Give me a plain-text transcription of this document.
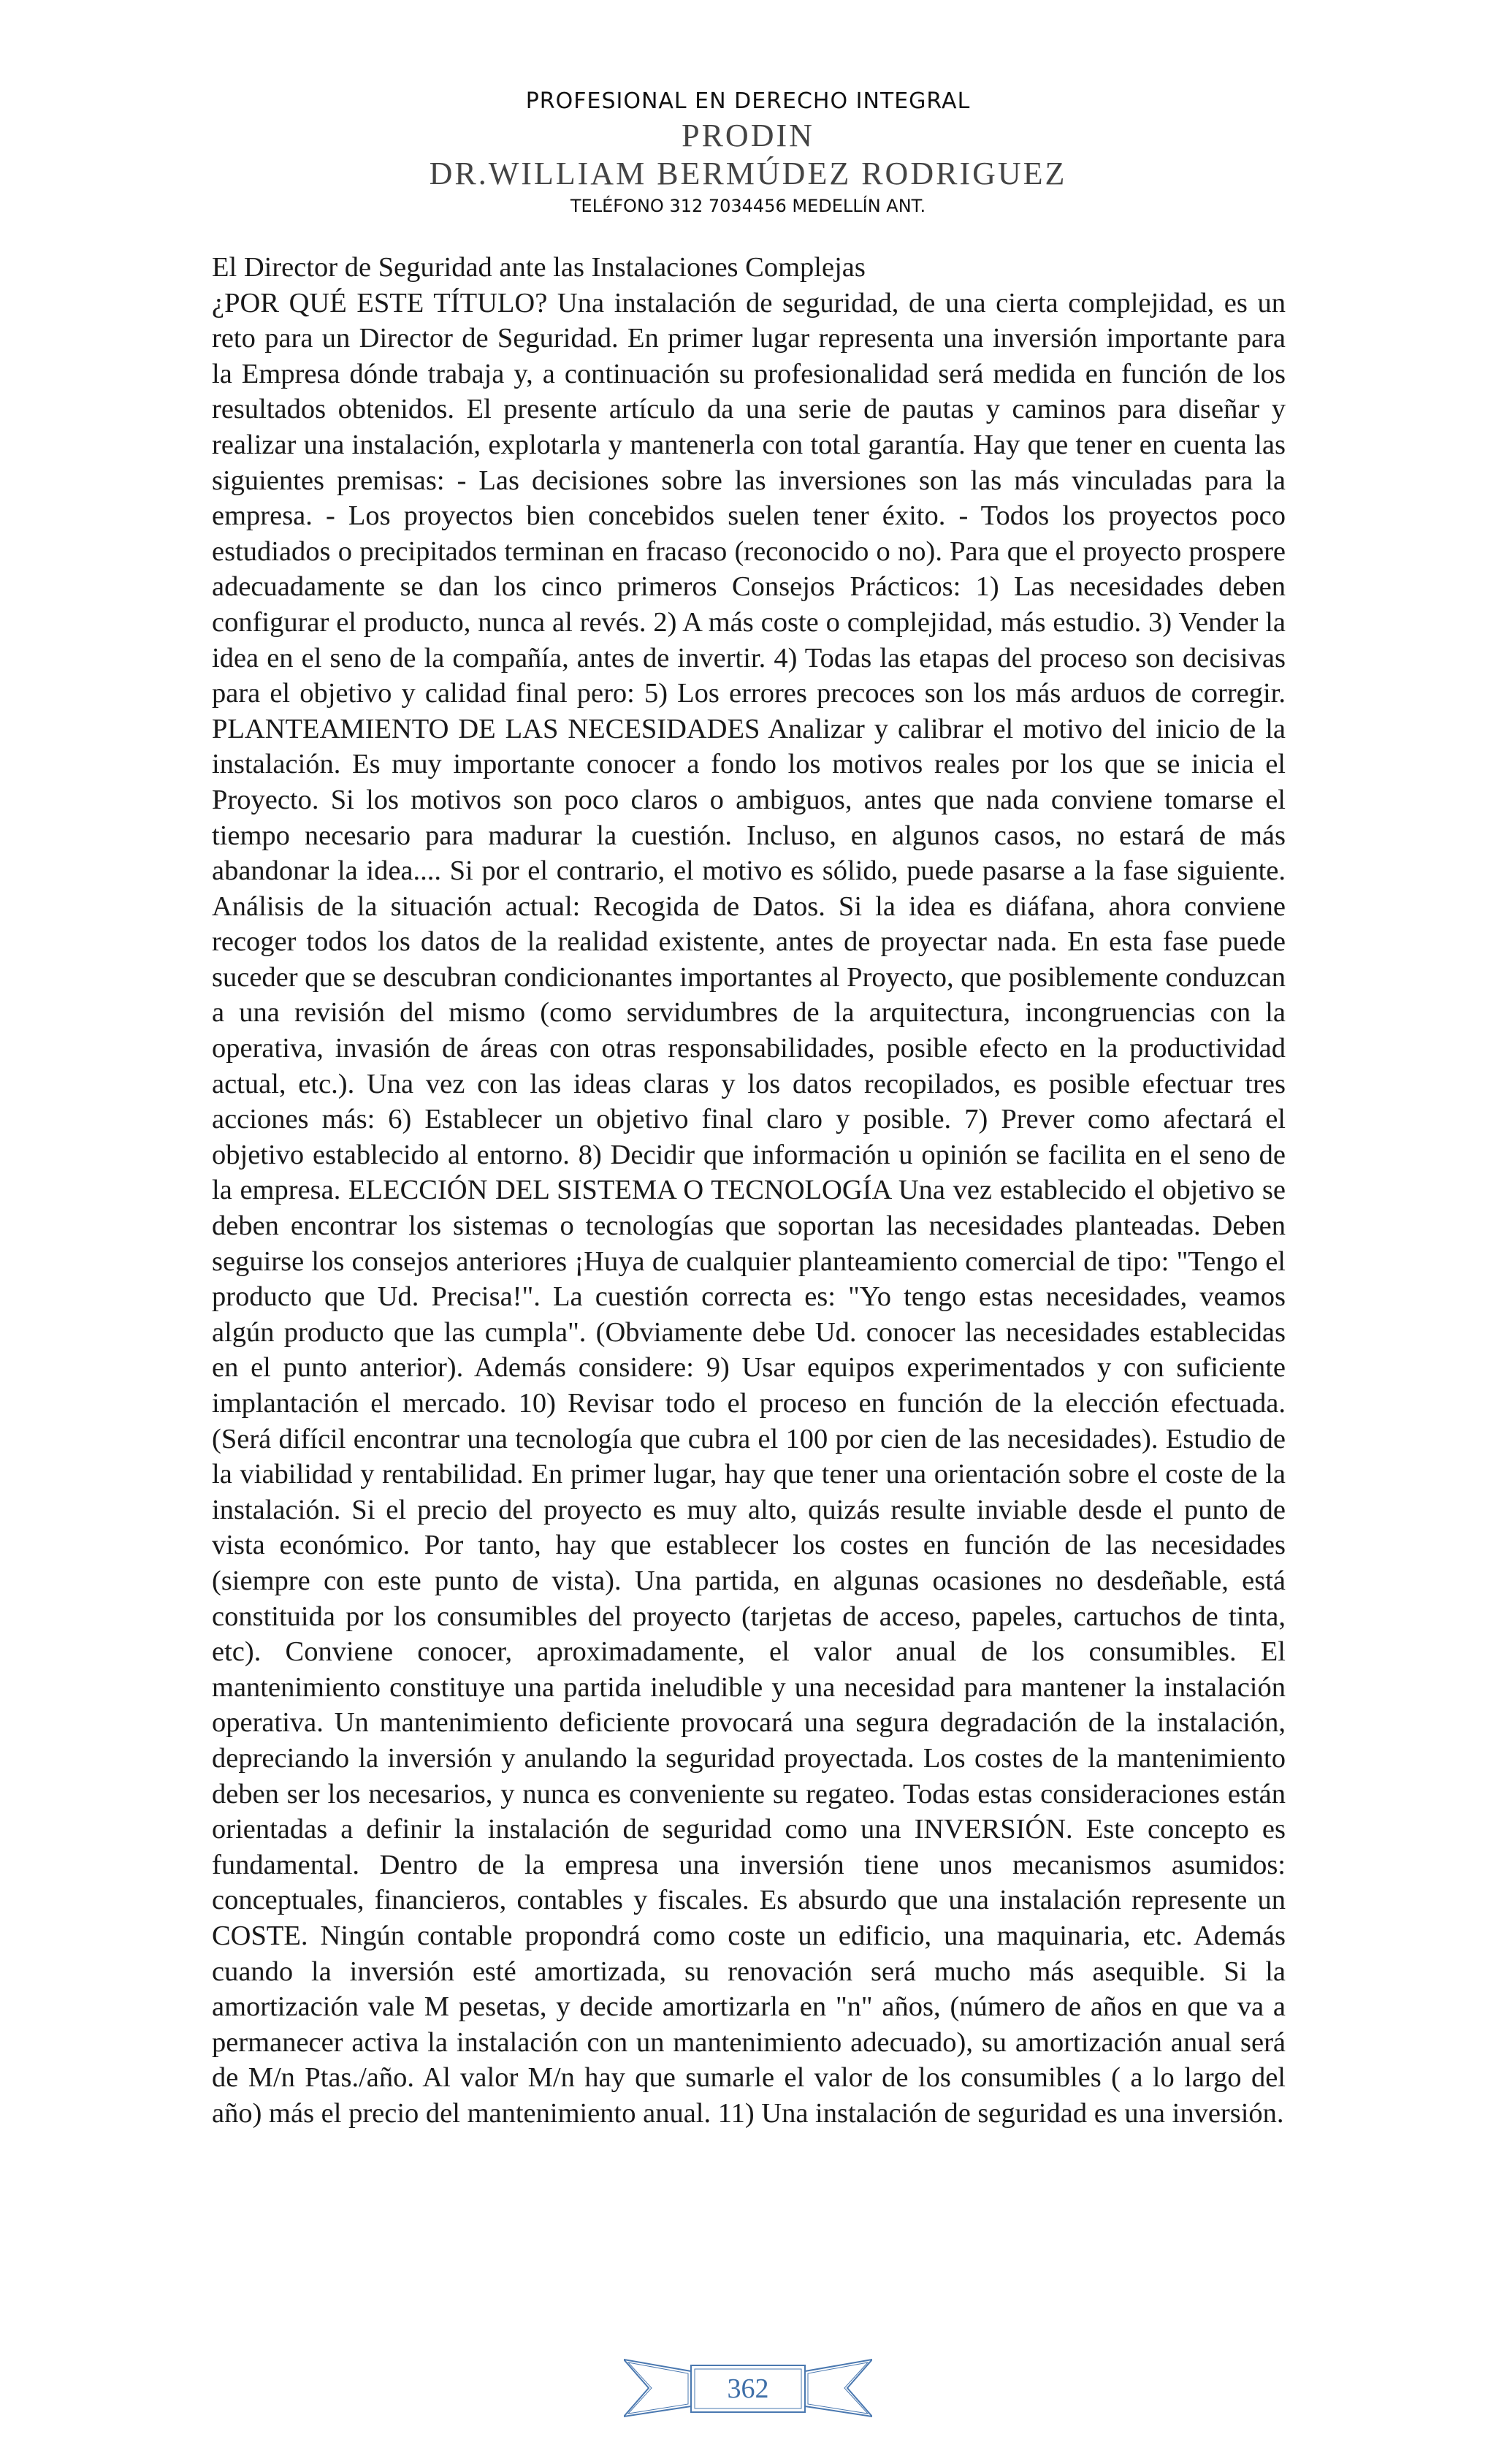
PROFESIONAL EN DERECHO INTEGRAL
PRODIN
DR.WILLIAM BERMÚDEZ RODRIGUEZ
TELÉFONO 312 7034456 MEDELLÍN ANT.

El Director de Seguridad ante las Instalaciones Complejas

¿POR QUÉ ESTE TÍTULO? Una instalación de seguridad, de una cierta complejidad, es un reto para un Director de Seguridad. En primer lugar representa una inversión importante para la Empresa dónde trabaja y, a continuación su profesionalidad será medida en función de los resultados obtenidos. El presente artículo da una serie de pautas y caminos para diseñar y realizar una instalación, explotarla y mantenerla con total garantía. Hay que tener en cuenta las siguientes premisas: - Las decisiones sobre las inversiones son las más vinculadas para la empresa. - Los proyectos bien concebidos suelen tener éxito. - Todos los proyectos poco estudiados o precipitados terminan en fracaso (reconocido o no). Para que el proyecto prospere adecuadamente se dan los cinco primeros Consejos Prácticos: 1) Las necesidades deben configurar el producto, nunca al revés. 2) A más coste o complejidad, más estudio. 3) Vender la idea en el seno de la compañía, antes de invertir. 4) Todas las etapas del proceso son decisivas para el objetivo y calidad final pero: 5) Los errores precoces son los más arduos de corregir. PLANTEAMIENTO DE LAS NECESIDADES Analizar y calibrar el motivo del inicio de la instalación. Es muy importante conocer a fondo los motivos reales por los que se inicia el Proyecto. Si los motivos son poco claros o ambiguos, antes que nada conviene tomarse el tiempo necesario para madurar la cuestión. Incluso, en algunos casos, no estará de más abandonar la idea.... Si por el contrario, el motivo es sólido, puede pasarse a la fase siguiente. Análisis de la situación actual: Recogida de Datos. Si la idea es diáfana, ahora conviene recoger todos los datos de la realidad existente, antes de proyectar nada. En esta fase puede suceder que se descubran condicionantes importantes al Proyecto, que posiblemente conduzcan a una revisión del mismo (como servidumbres de la arquitectura, incongruencias con la operativa, invasión de áreas con otras responsabilidades, posible efecto en la productividad actual, etc.). Una vez con las ideas claras y los datos recopilados, es posible efectuar tres acciones más: 6) Establecer un objetivo final claro y posible. 7) Prever como afectará el objetivo establecido al entorno. 8) Decidir que información u opinión se facilita en el seno de la empresa. ELECCIÓN DEL SISTEMA O TECNOLOGÍA Una vez establecido el objetivo se deben encontrar los sistemas o tecnologías que soportan las necesidades planteadas. Deben seguirse los consejos anteriores ¡Huya de cualquier planteamiento comercial de tipo: "Tengo el producto que Ud. Precisa!". La cuestión correcta es: "Yo tengo estas necesidades, veamos algún producto que las cumpla". (Obviamente debe Ud. conocer las necesidades establecidas en el punto anterior). Además considere: 9) Usar equipos experimentados y con suficiente implantación el mercado. 10) Revisar todo el proceso en función de la elección efectuada. (Será difícil encontrar una tecnología que cubra el 100 por cien de las necesidades). Estudio de la viabilidad y rentabilidad. En primer lugar, hay que tener una orientación sobre el coste de la instalación. Si el precio del proyecto es muy alto, quizás resulte inviable desde el punto de vista económico. Por tanto, hay que establecer los costes en función de las necesidades (siempre con este punto de vista). Una partida, en algunas ocasiones no desdeñable, está constituida por los consumibles del proyecto (tarjetas de acceso, papeles, cartuchos de tinta, etc). Conviene conocer, aproximadamente, el valor anual de los consumibles. El mantenimiento constituye una partida ineludible y una necesidad para mantener la instalación operativa. Un mantenimiento deficiente provocará una segura degradación de la instalación, depreciando la inversión y anulando la seguridad proyectada. Los costes de la mantenimiento deben ser los necesarios, y nunca es conveniente su regateo. Todas estas consideraciones están orientadas a definir la instalación de seguridad como una INVERSIÓN. Este concepto es fundamental. Dentro de la empresa una inversión tiene unos mecanismos asumidos: conceptuales, financieros, contables y fiscales. Es absurdo que una instalación represente un COSTE. Ningún contable propondrá como coste un edificio, una maquinaria, etc. Además cuando la inversión esté amortizada, su renovación será mucho más asequible. Si la amortización vale M pesetas, y decide amortizarla en "n" años, (número de años en que va a permanecer activa la instalación con un mantenimiento adecuado), su amortización anual será de M/n Ptas./año. Al valor M/n hay que sumarle el valor de los consumibles ( a lo largo del año) más el precio del mantenimiento anual. 11) Una instalación de seguridad es una inversión.

362
